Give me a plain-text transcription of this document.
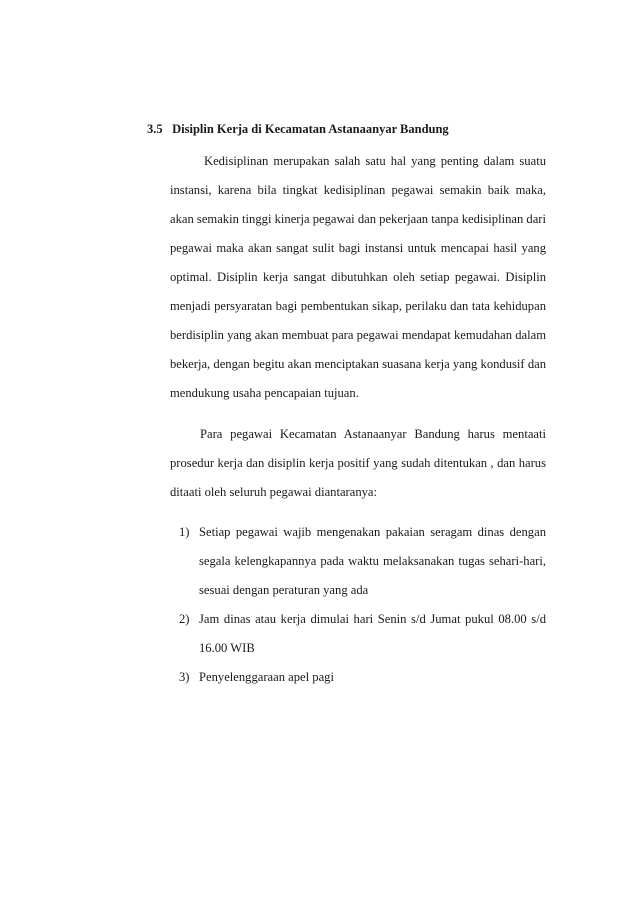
3.5 Disiplin Kerja di Kecamatan Astanaanyar Bandung

Kedisiplinan merupakan salah satu hal yang penting dalam suatu instansi, karena bila tingkat kedisiplinan pegawai semakin baik maka, akan semakin tinggi kinerja pegawai dan pekerjaan tanpa kedisiplinan dari pegawai maka akan sangat sulit bagi instansi untuk mencapai hasil yang optimal. Disiplin kerja sangat dibutuhkan oleh setiap pegawai. Disiplin menjadi persyaratan bagi pembentukan sikap, perilaku dan tata kehidupan berdisiplin yang akan membuat para pegawai mendapat kemudahan dalam bekerja, dengan begitu akan menciptakan suasana kerja yang kondusif dan mendukung usaha pencapaian tujuan.

Para pegawai Kecamatan Astanaanyar Bandung harus mentaati prosedur kerja dan disiplin kerja positif yang sudah ditentukan , dan harus ditaati oleh seluruh pegawai diantaranya:

1) Setiap pegawai wajib mengenakan pakaian seragam dinas dengan segala kelengkapannya pada waktu melaksanakan tugas sehari-hari, sesuai dengan peraturan yang ada
2) Jam dinas atau kerja dimulai hari Senin s/d Jumat pukul 08.00 s/d 16.00 WIB
3) Penyelenggaraan apel pagi
